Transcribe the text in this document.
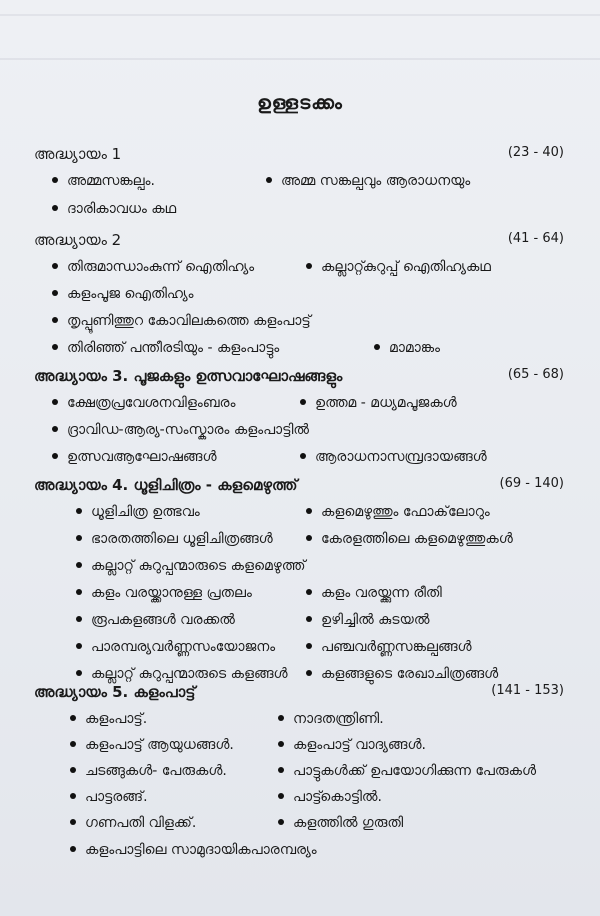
ഉള്ളടക്കം
അദ്ധ്യായം 1	(23 - 40)
അമ്മസങ്കല്പം.	അമ്മ സങ്കല്പവും ആരാധനയും
ദാരികാവധം കഥ
അദ്ധ്യായം 2	(41 - 64)
തിരുമാന്ധാംകുന്ന് ഐതിഹ്യം	കല്ലാറ്റ്കുറുപ്പ് ഐതിഹ്യകഥ
കളംപൂജ ഐതിഹ്യം
തൃപ്പൂണിത്തുറ കോവിലകത്തെ കളംപാട്ട്
തിരിഞ്ഞ് പന്തീരടിയും - കളംപാട്ടും	മാമാങ്കം
അദ്ധ്യായം 3. പൂജകളും ഉത്സവാഘോഷങ്ങളും	(65 - 68)
ക്ഷേത്രപ്രവേശനവിളംബരം	ഉത്തമ - മധ്യമപൂജകൾ
ദ്രാവിഡ-ആര്യ-സംസ്കാരം കളംപാട്ടിൽ
ഉത്സവആഘോഷങ്ങൾ	ആരാധനാസമ്പ്രദായങ്ങൾ
അദ്ധ്യായം 4. ധൂളിചിത്രം - കളമെഴുത്ത്	(69 - 140)
ധൂളിചിത്ര ഉത്ഭവം	കളമെഴുത്തും ഫോക്‌ലോറും
ഭാരതത്തിലെ ധൂളിചിത്രങ്ങൾ	കേരളത്തിലെ കളമെഴുത്തുകൾ
കല്ലാറ്റ് കുറുപ്പന്മാരുടെ കളമെഴുത്ത്
കളം വരയ്ക്കാനുള്ള പ്രതലം	കളം വരയ്ക്കുന്ന രീതി
രൂപകളങ്ങൾ വരക്കൽ	ഉഴിച്ചിൽ കുടയൽ
പാരമ്പര്യവർണ്ണസംയോജനം	പഞ്ചവർണ്ണസങ്കല്പങ്ങൾ
കല്ലാറ്റ് കുറുപ്പന്മാരുടെ കളങ്ങൾ	കളങ്ങളുടെ രേഖാചിത്രങ്ങൾ
അദ്ധ്യായം 5. കളംപാട്ട്	(141 - 153)
കളംപാട്ട്.	നാദതന്ത്രിണി.
കളംപാട്ട് ആയുധങ്ങൾ.	കളംപാട്ട് വാദ്യങ്ങൾ.
ചടങ്ങുകൾ- പേരുകൾ.	പാട്ടുകൾക്ക് ഉപയോഗിക്കുന്ന പേരുകൾ
പാട്ടരങ്ങ്.	പാട്ട്കൊട്ടിൽ.
ഗണപതി വിളക്ക്.	കളത്തിൽ ഗുരുതി
കളംപാട്ടിലെ സാമുദായികപാരമ്പര്യം
